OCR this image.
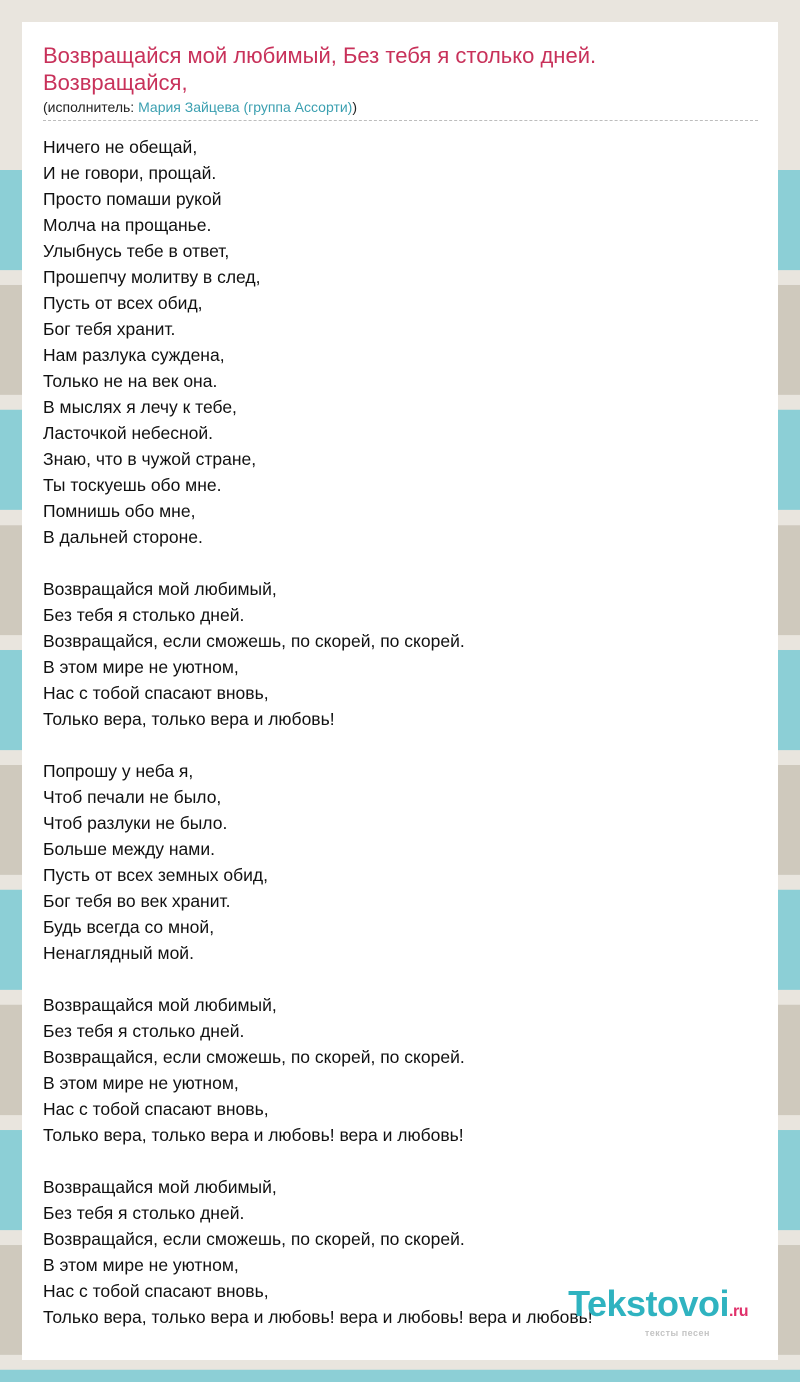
Возвращайся мой любимый, Без тебя я столько дней.
Возвращайся,
(исполнитель: Мария Зайцева (группа Ассорти))
Ничего не обещай,
И не говори, прощай.
Просто помаши рукой
Молча на прощанье.
Улыбнусь тебе в ответ,
Прошепчу молитву в след,
Пусть от всех обид,
Бог тебя хранит.
Нам разлука суждена,
Только не на век она.
В мыслях я лечу к тебе,
Ласточкой небесной.
Знаю, что в чужой стране,
Ты тоскуешь обо мне.
Помнишь обо мне,
В дальней стороне.
Возвращайся мой любимый,
Без тебя я столько дней.
Возвращайся, если сможешь, по скорей, по скорей.
В этом мире не уютном,
Нас с тобой спасают вновь,
Только вера, только вера и любовь!
Попрошу у неба я,
Чтоб печали не было,
Чтоб разлуки не было.
Больше между нами.
Пусть от всех земных обид,
Бог тебя во век хранит.
Будь всегда со мной,
Ненаглядный мой.
Возвращайся мой любимый,
Без тебя я столько дней.
Возвращайся, если сможешь, по скорей, по скорей.
В этом мире не уютном,
Нас с тобой спасают вновь,
Только вера, только вера и любовь! вера и любовь!
Возвращайся мой любимый,
Без тебя я столько дней.
Возвращайся, если сможешь, по скорей, по скорей.
В этом мире не уютном,
Нас с тобой спасают вновь,
Только вера, только вера и любовь! вера и любовь! вера и любовь!
Tekstovoi.ru
тексты песен
